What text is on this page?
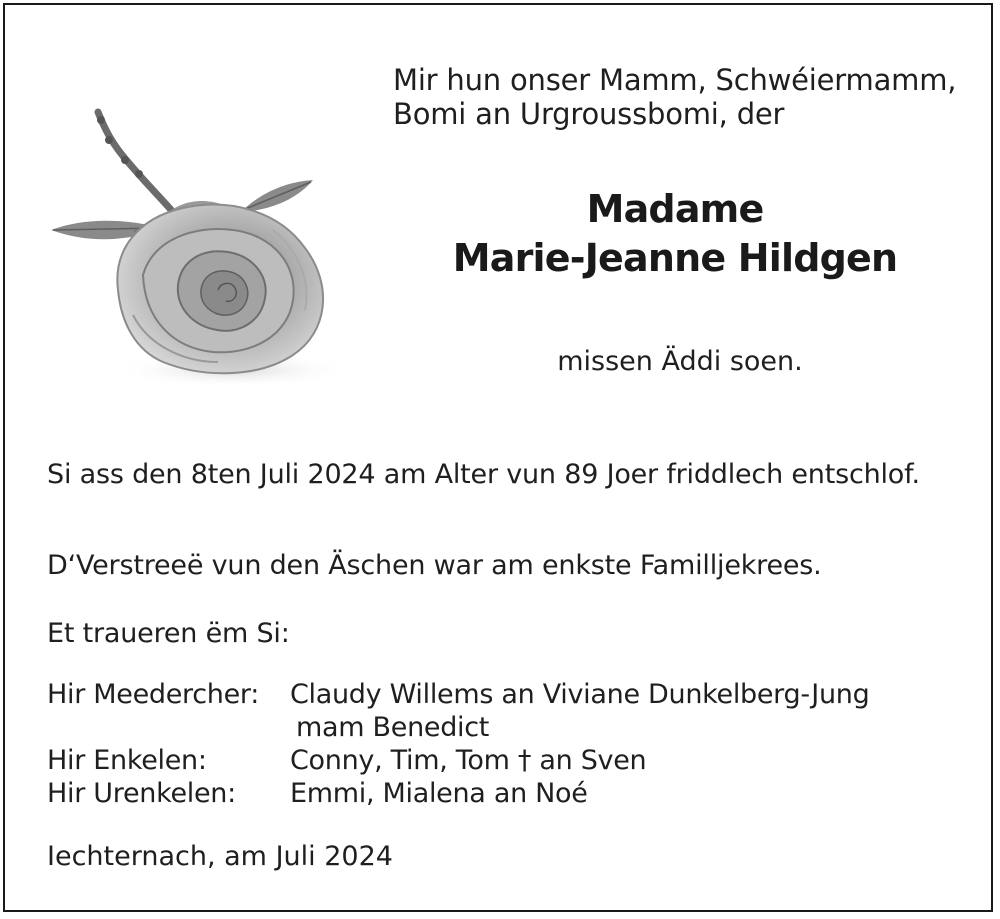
Mir hun onser Mamm, Schwéiermamm,
Bomi an Urgroussbomi, der
Madame
Marie-Jeanne Hildgen
missen Äddi soen.
Si ass den 8ten Juli 2024 am Alter vun 89 Joer friddlech entschlof.
D‘Verstreeë vun den Äschen war am enkste Familljekrees.
Et traueren ëm Si:
Hir Meedercher:	Claudy Willems an Viviane Dunkelberg-Jung
mam Benedict
Hir Enkelen:	Conny, Tim, Tom † an Sven
Hir Urenkelen:	Emmi, Mialena an Noé
Iechternach, am Juli 2024
